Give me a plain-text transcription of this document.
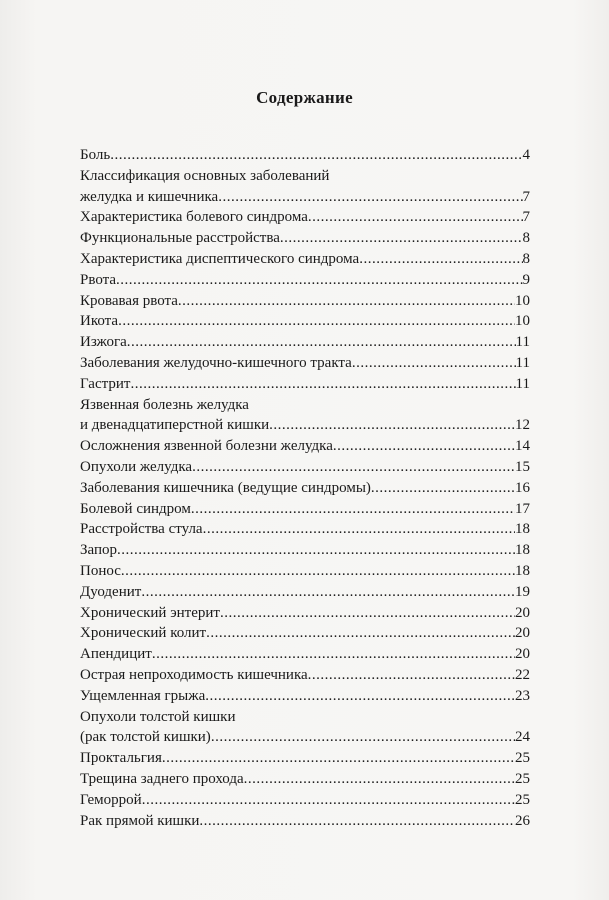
Содержание
Боль .....	4
Классификация основных заболеваний
желудка и кишечника .....	7
Характеристика болевого синдрома .....	7
Функциональные расстройства .....	8
Характеристика диспептического синдрома .....	8
Рвота .....	9
Кровавая рвота .....	10
Икота .....	10
Изжога .....	11
Заболевания желудочно-кишечного тракта .....	11
Гастрит .....	11
Язвенная болезнь желудка
и двенадцатиперстной кишки .....	12
Осложнения язвенной болезни желудка .....	14
Опухоли желудка .....	15
Заболевания кишечника (ведущие синдромы) .....	16
Болевой синдром .....	17
Расстройства стула .....	18
Запор .....	18
Понос .....	18
Дуоденит .....	19
Хронический энтерит .....	20
Хронический колит .....	20
Апендицит .....	20
Острая непроходимость кишечника .....	22
Ущемленная грыжа .....	23
Опухоли толстой кишки
(рак толстой кишки) .....	24
Проктальгия .....	25
Трещина заднего прохода .....	25
Геморрой .....	25
Рак прямой кишки .....	26
